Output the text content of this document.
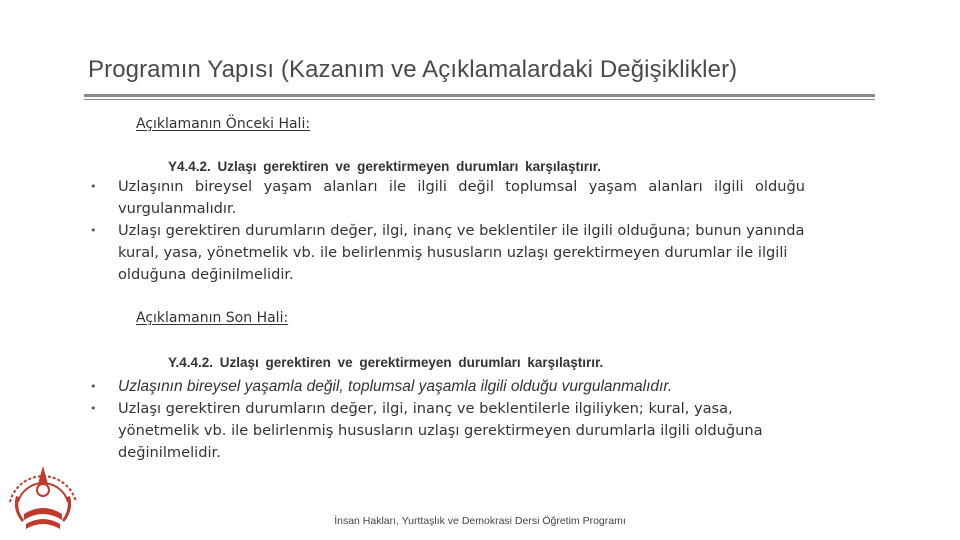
Programın Yapısı (Kazanım ve Açıklamalardaki Değişiklikler)
Açıklamanın Önceki Hali:
Y4.4.2. Uzlaşı gerektiren ve gerektirmeyen durumları karşılaştırır.
• Uzlaşının bireysel yaşam alanları ile ilgili değil toplumsal yaşam alanları ilgili olduğu vurgulanmalıdır.
• Uzlaşı gerektiren durumların değer, ilgi, inanç ve beklentiler ile ilgili olduğuna; bunun yanında kural, yasa, yönetmelik vb. ile belirlenmiş hususların uzlaşı gerektirmeyen durumlar ile ilgili olduğuna değinilmelidir.
Açıklamanın Son Hali:
Y.4.4.2. Uzlaşı gerektiren ve gerektirmeyen durumları karşılaştırır.
• Uzlaşının bireysel yaşamla değil, toplumsal yaşamla ilgili olduğu vurgulanmalıdır.
• Uzlaşı gerektiren durumların değer, ilgi, inanç ve beklentilerle ilgiliyken; kural, yasa, yönetmelik vb. ile belirlenmiş hususların uzlaşı gerektirmeyen durumlarla ilgili olduğuna değinilmelidir.
İnsan Hakları, Yurttaşlık ve Demokrasi Dersi Öğretim Programı
